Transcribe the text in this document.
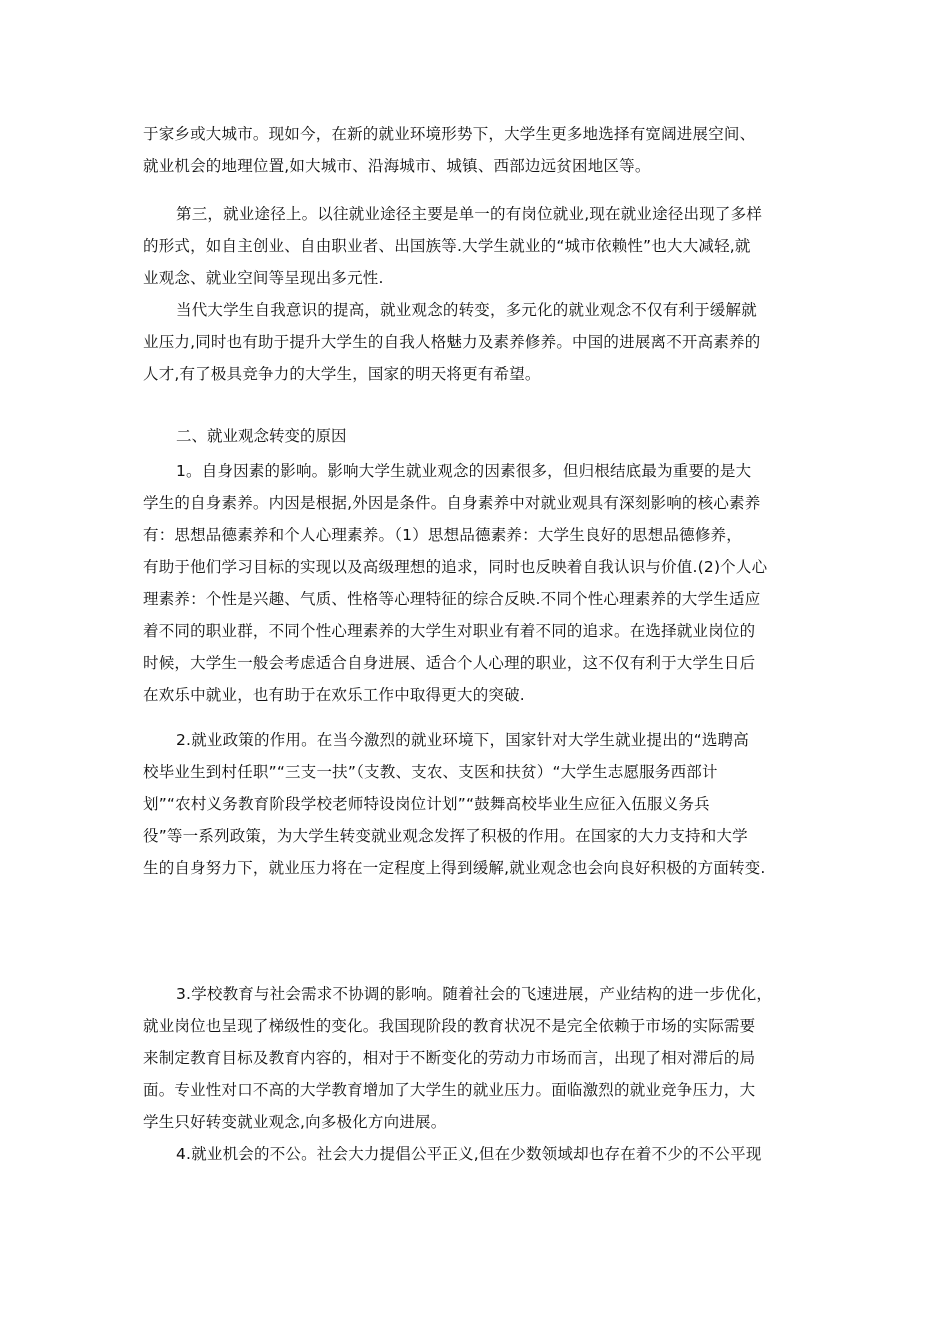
于家乡或大城市。现如今，在新的就业环境形势下，大学生更多地选择有宽阔进展空间、
就业机会的地理位置,如大城市、沿海城市、城镇、西部边远贫困地区等。

第三，就业途径上。以往就业途径主要是单一的有岗位就业,现在就业途径出现了多样
的形式，如自主创业、自由职业者、出国族等.大学生就业的“城市依赖性”也大大减轻,就
业观念、就业空间等呈现出多元性.

当代大学生自我意识的提高，就业观念的转变，多元化的就业观念不仅有利于缓解就
业压力,同时也有助于提升大学生的自我人格魅力及素养修养。中国的进展离不开高素养的
人才,有了极具竞争力的大学生，国家的明天将更有希望。

二、就业观念转变的原因

1。自身因素的影响。影响大学生就业观念的因素很多，但归根结底最为重要的是大
学生的自身素养。内因是根据,外因是条件。自身素养中对就业观具有深刻影响的核心素养
有：思想品德素养和个人心理素养。（1）思想品德素养：大学生良好的思想品德修养，
有助于他们学习目标的实现以及高级理想的追求，同时也反映着自我认识与价值.(2)个人心
理素养：个性是兴趣、气质、性格等心理特征的综合反映.不同个性心理素养的大学生适应
着不同的职业群，不同个性心理素养的大学生对职业有着不同的追求。在选择就业岗位的
时候，大学生一般会考虑适合自身进展、适合个人心理的职业，这不仅有利于大学生日后
在欢乐中就业，也有助于在欢乐工作中取得更大的突破.

2.就业政策的作用。在当今激烈的就业环境下，国家针对大学生就业提出的“选聘高
校毕业生到村任职”“三支一扶”（支教、支农、支医和扶贫）“大学生志愿服务西部计
划”“农村义务教育阶段学校老师特设岗位计划”“鼓舞高校毕业生应征入伍服义务兵
役”等一系列政策，为大学生转变就业观念发挥了积极的作用。在国家的大力支持和大学
生的自身努力下，就业压力将在一定程度上得到缓解,就业观念也会向良好积极的方面转变.

3.学校教育与社会需求不协调的影响。随着社会的飞速进展，产业结构的进一步优化，
就业岗位也呈现了梯级性的变化。我国现阶段的教育状况不是完全依赖于市场的实际需要
来制定教育目标及教育内容的，相对于不断变化的劳动力市场而言，出现了相对滞后的局
面。专业性对口不高的大学教育增加了大学生的就业压力。面临激烈的就业竞争压力，大
学生只好转变就业观念,向多极化方向进展。

4.就业机会的不公。社会大力提倡公平正义,但在少数领域却也存在着不少的不公平现
